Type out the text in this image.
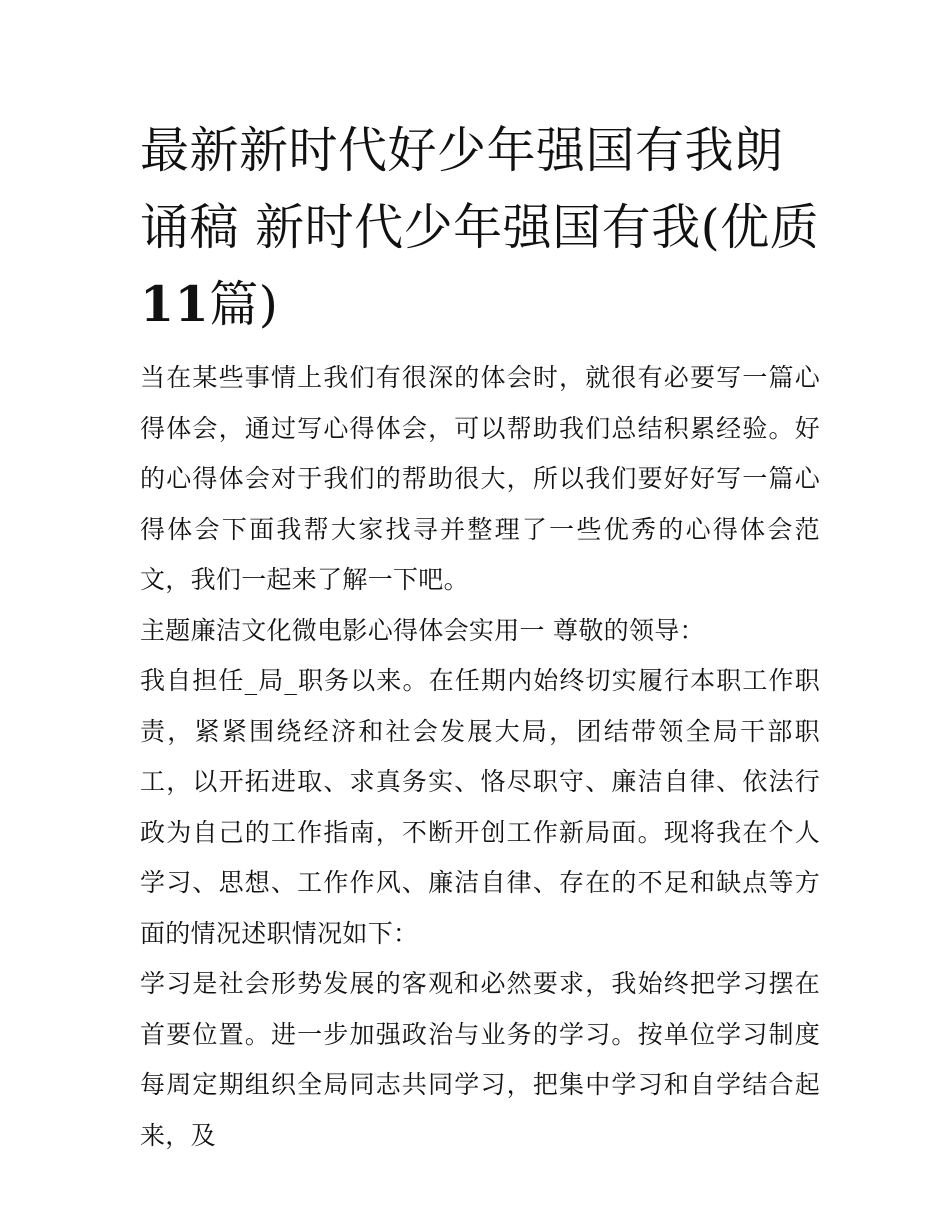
最新新时代好少年强国有我朗诵稿 新时代少年强国有我(优质11篇)

当在某些事情上我们有很深的体会时，就很有必要写一篇心得体会，通过写心得体会，可以帮助我们总结积累经验。好的心得体会对于我们的帮助很大，所以我们要好好写一篇心得体会下面我帮大家找寻并整理了一些优秀的心得体会范文，我们一起来了解一下吧。

主题廉洁文化微电影心得体会实用一 尊敬的领导：

我自担任_局_职务以来。在任期内始终切实履行本职工作职责，紧紧围绕经济和社会发展大局，团结带领全局干部职工，以开拓进取、求真务实、恪尽职守、廉洁自律、依法行政为自己的工作指南，不断开创工作新局面。现将我在个人学习、思想、工作作风、廉洁自律、存在的不足和缺点等方面的情况述职情况如下：

学习是社会形势发展的客观和必然要求，我始终把学习摆在首要位置。进一步加强政治与业务的学习。按单位学习制度每周定期组织全局同志共同学习，把集中学习和自学结合起来，及
